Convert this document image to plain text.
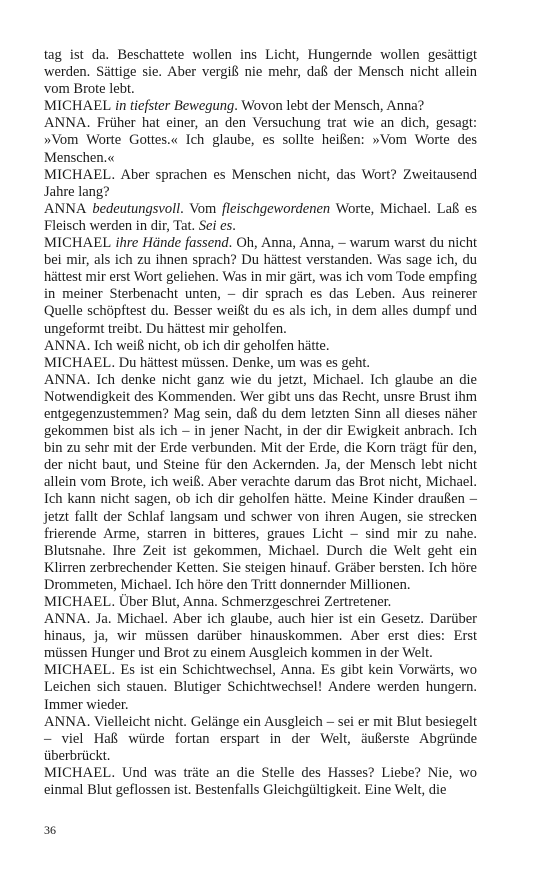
tag ist da. Beschattete wollen ins Licht, Hungernde wollen gesättigt werden. Sättige sie. Aber vergiß nie mehr, daß der Mensch nicht allein vom Brote lebt.

MICHAEL in tiefster Bewegung. Wovon lebt der Mensch, Anna?

ANNA. Früher hat einer, an den Versuchung trat wie an dich, gesagt: »Vom Worte Gottes.« Ich glaube, es sollte heißen: »Vom Worte des Menschen.«

MICHAEL. Aber sprachen es Menschen nicht, das Wort? Zweitausend Jahre lang?

ANNA bedeutungsvoll. Vom fleischgewordenen Worte, Michael. Laß es Fleisch werden in dir, Tat. Sei es.

MICHAEL ihre Hände fassend. Oh, Anna, Anna, – warum warst du nicht bei mir, als ich zu ihnen sprach? Du hättest verstanden. Was sage ich, du hättest mir erst Wort geliehen. Was in mir gärt, was ich vom Tode empfing in meiner Sterbenacht unten, – dir sprach es das Leben. Aus reinerer Quelle schöpftest du. Besser weißt du es als ich, in dem alles dumpf und ungeformt treibt. Du hättest mir geholfen.

ANNA. Ich weiß nicht, ob ich dir geholfen hätte.

MICHAEL. Du hättest müssen. Denke, um was es geht.

ANNA. Ich denke nicht ganz wie du jetzt, Michael. Ich glaube an die Notwendigkeit des Kommenden. Wer gibt uns das Recht, unsre Brust ihm entgegenzustemmen? Mag sein, daß du dem letzten Sinn all dieses näher gekommen bist als ich – in jener Nacht, in der dir Ewigkeit anbrach. Ich bin zu sehr mit der Erde verbunden. Mit der Erde, die Korn trägt für den, der nicht baut, und Steine für den Ackernden. Ja, der Mensch lebt nicht allein vom Brote, ich weiß. Aber verachte darum das Brot nicht, Michael. Ich kann nicht sagen, ob ich dir geholfen hätte. Meine Kinder draußen – jetzt fallt der Schlaf langsam und schwer von ihren Augen, sie strecken frierende Arme, starren in bitteres, graues Licht – sind mir zu nahe. Blutsnahe. Ihre Zeit ist gekommen, Michael. Durch die Welt geht ein Klirren zerbrechender Ketten. Sie steigen hinauf. Gräber bersten. Ich höre Drommeten, Michael. Ich höre den Tritt donnernder Millionen.

MICHAEL. Über Blut, Anna. Schmerzgeschrei Zertretener.

ANNA. Ja. Michael. Aber ich glaube, auch hier ist ein Gesetz. Darüber hinaus, ja, wir müssen darüber hinauskommen. Aber erst dies: Erst müssen Hunger und Brot zu einem Ausgleich kommen in der Welt.

MICHAEL. Es ist ein Schichtwechsel, Anna. Es gibt kein Vorwärts, wo Leichen sich stauen. Blutiger Schichtwechsel! Andere werden hungern. Immer wieder.

ANNA. Vielleicht nicht. Gelänge ein Ausgleich – sei er mit Blut besiegelt – viel Haß würde fortan erspart in der Welt, äußerste Abgründe überbrückt.

MICHAEL. Und was träte an die Stelle des Hasses? Liebe? Nie, wo einmal Blut geflossen ist. Bestenfalls Gleichgültigkeit. Eine Welt, die

36
